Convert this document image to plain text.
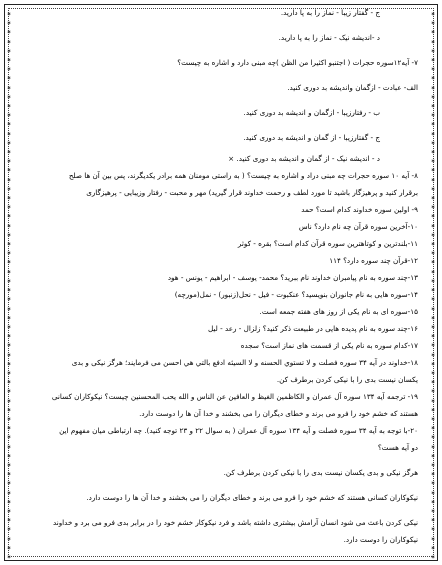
✶
✶
✶
✶
✶
✶
✶
✶
✶
✶
✶
✶
✶
✶
✶
✶
✶
✶
✶
✶
✶
✶
✶
✶
✶
✶
✶
✶
✶
✶
✶
✶
✶
✶
✶
✶
✶
✶
✶
✶
✶
✶
✶
✶
✶
✶
✶
✶
✶
✶
✶
✶
✶
✶
✶
✶
✶
✶
✶
✶
✶
✶
✶
✶
✶
✶
✶
✶
✶
✶
✶
✶
✶
✶
✶
✶
✶
✶
✶
✶
✶
✶
✶
✶
✶
✶
✶
✶
✶
✶
✶
✶
✶
✶
✶
✶
✶
✶
✶
✶
✶
✶
✶
✶
✶
✶
✶
✶
✶
✶
✶
✶
✶
✶
✶
✶
✶
✶
✶
✶
ج - گفتار زيبا - نماز را به پا داريد.
د -انديشه نيک - نماز را به پا داريد.
۷- آيه۱۲سوره حجرات ( اجتنبو اکثيرا من الظن )چه مبنی دارد و اشاره به چيست؟
الف- عبادت - ازگمان وانديشه بد دوری کنيد.
ب - رفتارزيبا - ازگمان و انديشه بد دوری کنيد.
ج - گفتارزيبا - از گمان و انديشه بد دوری کنيد.
د - انديشه نيک - از گمان و انديشه بد دوری کنيد. ×
۸- آيه ۱۰ سوره حجرات چه مبنی دراد و اشاره به چيست؟ ( به راستی مومنان همه برادر يکديگرند، پس بين آن ها صلح
برقرار کنيد و پرهيزگار باشيد تا مورد لطف و رحمت خداوند قرار گيريد) مهر و محبت - رفتار وزيبايی - پرهيزگاری
۹- اولين سوره خداوند کدام است؟ حمد
۱۰-آخرين سوره قرآن چه نام دارد؟ ناس
۱۱-بلندترين و کوتاهترين سوره قرآن کدام است؟ بقره - کوثر
۱۲-قرآن چند سوره دارد؟ ۱۱۴
۱۳-چند سوره به نام پيامبران خداوند نام ببريد؟ محمد- يوسف - ابراهيم - يونس - هود
۱۴-سوره هايی به نام جانوران بنويسيد؟ عنکبوت - فيل - نحل(زنبور) - نمل(مورچه)
۱۵-سوره ای به نام يکی از روز های هفته جمعه است.
۱۶-چند سوره به نام پديده هايی در طبيعت ذکر کنيد؟ زلزال - رعد - ليل
۱۷-کدام سوره به نام يکی از قسمت های نماز است؟ سجده
۱۸-خداوند در آيه ۳۴ سوره فصلت و لا تستوي الحسنه و لا السيئه ادفع بالتي هي احسن می فرمايند؛ هرگز نيکی و بدی
يکسان نيست بدی را با نيکی کردن برطرف کن.
۱۹- ترجمه آيه ۱۳۴ سوره آل عمران و الکاظمين الغيظ و العافين عن الناس و الله يحب المحسنين چيست؟ نيکوکاران کسانی
هستند که خشم خود را فرو می برند و خطای ديگران را می بخشند و خدا آن ها را دوست دارد.
۲۰-با توجه به آيه ۳۴ سوره فصلت و آيه ۱۳۴ سوره آل عمران ( به سوال ۲۲ و ۲۳ توجه کنيد). چه ارتباطی ميان مفهوم اين
دو آيه هست؟
هرگز نيکی و بدی يکسان نيست بدی را با نيکی کردن برطرف کن.
نيکوکاران کسانی هستند که خشم خود را فرو می برند و خطای ديگران را می بخشند و خدا آن ها را دوست دارد.
نيکی کردن باعث می شود انسان آرامش بيشتری داشته باشد و فرد نيکوکار خشم خود را در برابر بدی فرو می برد و خداوند
نيکوکاران را دوست دارد.
